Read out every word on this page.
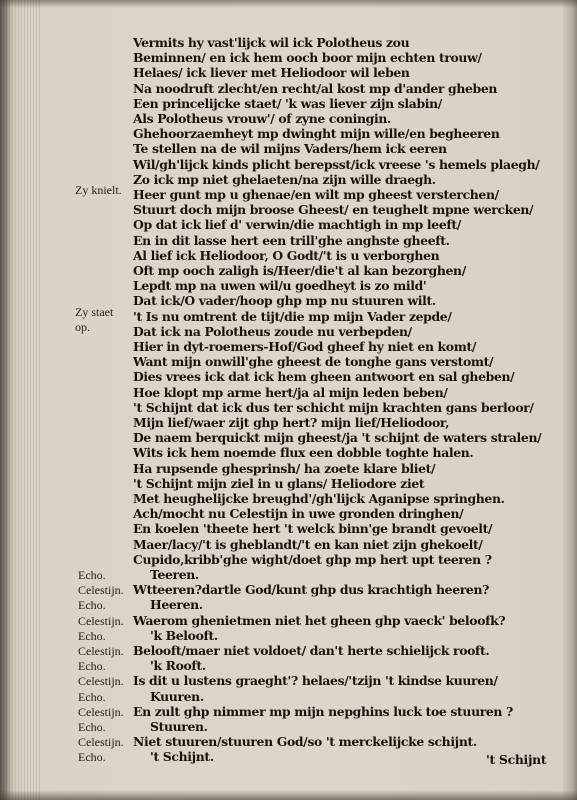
Vermits hy vast'lijck wil ick Polotheus zou
Beminnen/ en ick hem ooch boor mijn echten trouw/
Helaes/ ick liever met Heliodoor wil leben
Na noodruft zlecht/en recht/al kost mp d'ander gheben
Een princelijcke staet/ 'k was liever zijn slabin/
Als Polotheus vrouw'/ of zyne coningin.
Ghehoorzaemheyt mp dwinght mijn wille/en begheeren
Te stellen na de wil mijns Vaders/hem ick eeren
Wil/gh'lijck kinds plicht berepsst/ick vreese 's hemels plaegh/
Zo ick mp niet ghelaeten/na zijn wille draegh.
Heer gunt mp u ghenae/en wilt mp gheest versterchen/
Stuurt doch mijn broose Gheest/ en teughelt mpne wercken/
Op dat ick lief d' verwin/die machtigh in mp leeft/
En in dit lasse hert een trill'ghe anghste gheeft.
Al lief ick Heliodoor, O Godt/'t is u verborghen
Oft mp ooch zaligh is/Heer/die't al kan bezorghen/
Lepdt mp na uwen wil/u goedheyt is zo mild'
Dat ick/O vader/hoop ghp mp nu stuuren wilt.
't Is nu omtrent de tijt/die mp mijn Vader zepde/
Dat ick na Polotheus zoude nu verbepden/
Hier in dyt-roemers-Hof/God gheef hy niet en komt/
Want mijn onwill'ghe gheest de tonghe gans verstomt/
Dies vrees ick dat ick hem gheen antwoort en sal gheben/
Hoe klopt mp arme hert/ja al mijn leden beben/
't Schijnt dat ick dus ter schicht mijn krachten gans berloor/
Mijn lief/waer zijt ghp hert? mijn lief/Heliodoor,
De naem berquickt mijn gheest/ja 't schijnt de waters stralen/
Wits ick hem noemde flux een dobble toghte halen.
Ha rupsende ghesprinsh/ ha zoete klare bliet/
't Schijnt mijn ziel in u glans/ Heliodore ziet
Met heughelijcke breughd'/gh'lijck Aganipse springhen.
Ach/mocht nu Celestijn in uwe gronden dringhen/
En koelen 'theete hert 't welck binn'ge brandt gevoelt/
Maer/lacy/'t is gheblandt/'t en kan niet zijn ghekoelt/
Cupido,kribb'ghe wight/doet ghp mp hert upt teeren ?
Echo.	Teeren.
Celestijn. Wtteeren?dartle God/kunt ghp dus krachtigh heeren?
Echo.	Heeren.
Celestijn. Waerom ghenietmen niet het gheen ghp vaeck' beloofk?
Echo.	'k Belooft.
Celestijn. Belooft/maer niet voldoet/ dan't herte schielijck rooft.
Echo.	'k Rooft.
Celestijn. Is dit u lustens graeght'? helaes/'tzijn 't kindse kuuren/
Echo.	Kuuren.
Celestijn. En zult ghp nimmer mp mijn nepghins luck toe stuuren ?
Echo.	Stuuren.
Celestijn. Niet stuuren/stuuren God/so 't merckelijcke schijnt.
Echo.	't Schijnt.
Zy knielt.
Zy staet op.
't Schijnt
